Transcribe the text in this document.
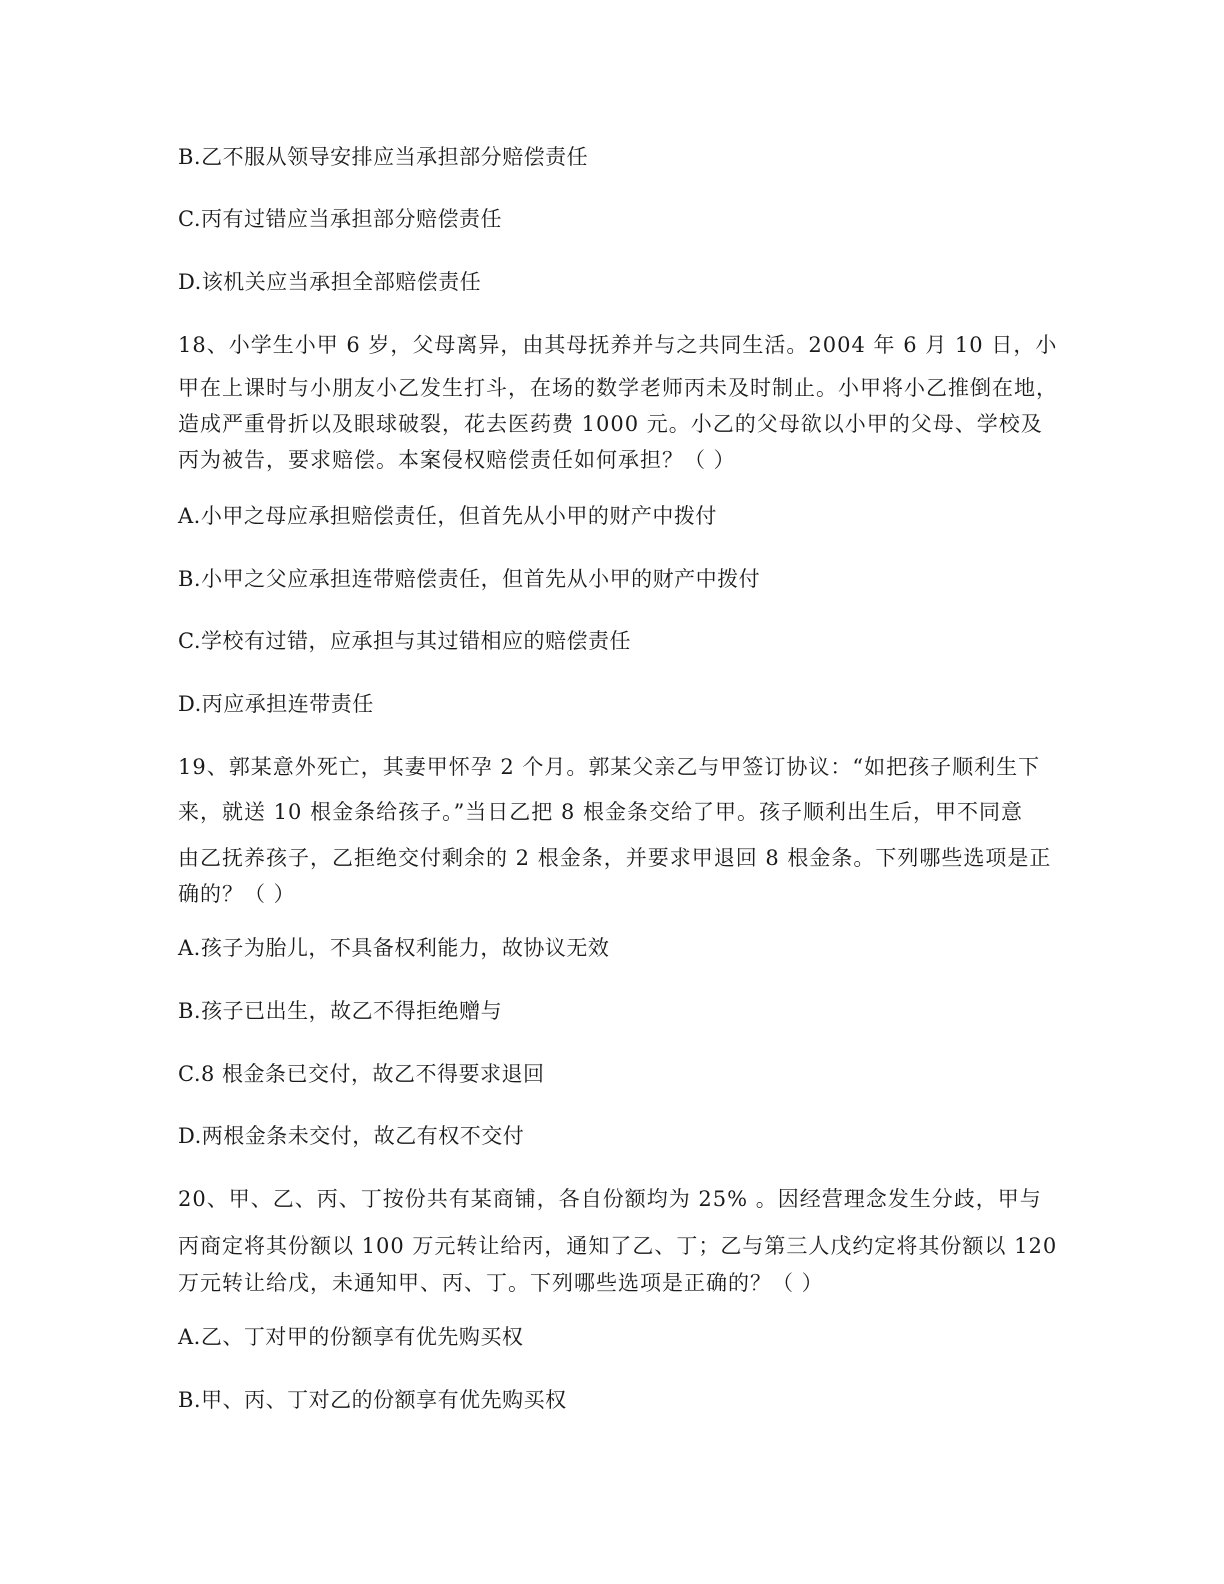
B.乙不服从领导安排应当承担部分赔偿责任
C.丙有过错应当承担部分赔偿责任
D.该机关应当承担全部赔偿责任
18、小学生小甲 6 岁，父母离异，由其母抚养并与之共同生活。2004 年 6 月 10 日，小
甲在上课时与小朋友小乙发生打斗，在场的数学老师丙未及时制止。小甲将小乙推倒在地，
造成严重骨折以及眼球破裂，花去医药费 1000 元。小乙的父母欲以小甲的父母、学校及
丙为被告，要求赔偿。本案侵权赔偿责任如何承担？（ ）
A.小甲之母应承担赔偿责任，但首先从小甲的财产中拨付
B.小甲之父应承担连带赔偿责任，但首先从小甲的财产中拨付
C.学校有过错，应承担与其过错相应的赔偿责任
D.丙应承担连带责任
19、郭某意外死亡，其妻甲怀孕 2 个月。郭某父亲乙与甲签订协议：“如把孩子顺利生下
来，就送 10 根金条给孩子。”当日乙把 8 根金条交给了甲。孩子顺利出生后，甲不同意
由乙抚养孩子，乙拒绝交付剩余的 2 根金条，并要求甲退回 8 根金条。下列哪些选项是正
确的？（ ）
A.孩子为胎儿，不具备权利能力，故协议无效
B.孩子已出生，故乙不得拒绝赠与
C.8 根金条已交付，故乙不得要求退回
D.两根金条未交付，故乙有权不交付
20、甲、乙、丙、丁按份共有某商铺，各自份额均为 25% 。因经营理念发生分歧，甲与
丙商定将其份额以 100 万元转让给丙，通知了乙、丁；乙与第三人戊约定将其份额以 120
万元转让给戊，未通知甲、丙、丁。下列哪些选项是正确的？（ ）
A.乙、丁对甲的份额享有优先购买权
B.甲、丙、丁对乙的份额享有优先购买权
